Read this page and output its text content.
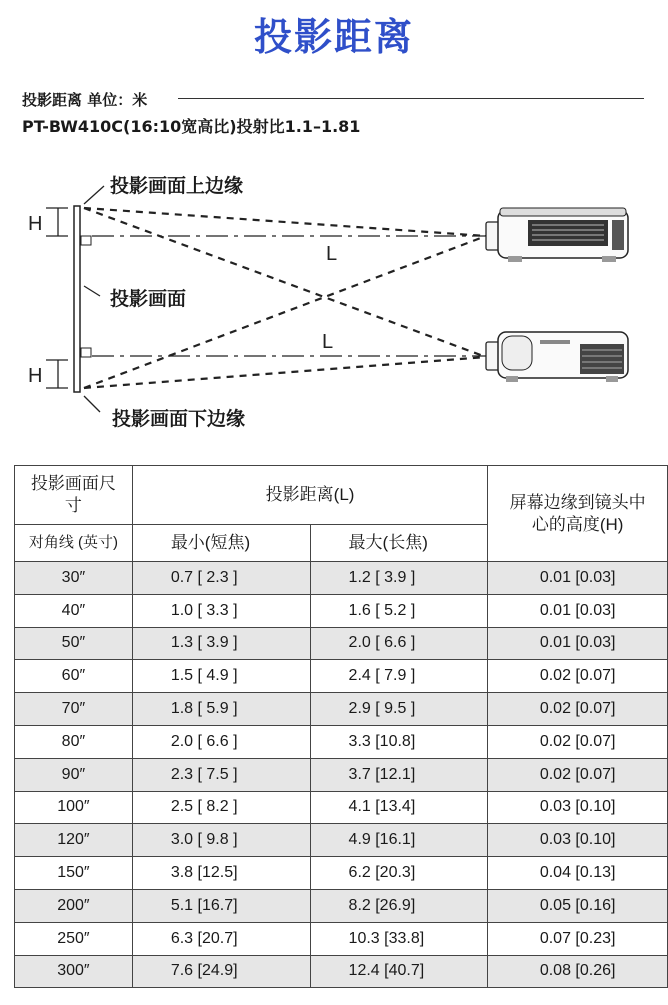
投影距离
投影距离 单位：米
PT-BW410C(16:10宽高比)投射比1.1–1.81
H
H
L
L
投影画面上边缘
投影画面
投影画面下边缘
投影画面尺寸	投影距离(L)		屏幕边缘到镜头中心的高度(H)
对角线 (英寸)	最小(短焦)	最大(长焦)	
30″	0.7 [ 2.3 ]	1.2 [ 3.9 ]	0.01 [0.03]
40″	1.0 [ 3.3 ]	1.6 [ 5.2 ]	0.01 [0.03]
50″	1.3 [ 3.9 ]	2.0 [ 6.6 ]	0.01 [0.03]
60″	1.5 [ 4.9 ]	2.4 [ 7.9 ]	0.02 [0.07]
70″	1.8 [ 5.9 ]	2.9 [ 9.5 ]	0.02 [0.07]
80″	2.0 [ 6.6 ]	3.3 [10.8]	0.02 [0.07]
90″	2.3 [ 7.5 ]	3.7 [12.1]	0.02 [0.07]
100″	2.5 [ 8.2 ]	4.1 [13.4]	0.03 [0.10]
120″	3.0 [ 9.8 ]	4.9 [16.1]	0.03 [0.10]
150″	3.8 [12.5]	6.2 [20.3]	0.04 [0.13]
200″	5.1 [16.7]	8.2 [26.9]	0.05 [0.16]
250″	6.3 [20.7]	10.3 [33.8]	0.07 [0.23]
300″	7.6 [24.9]	12.4 [40.7]	0.08 [0.26]
